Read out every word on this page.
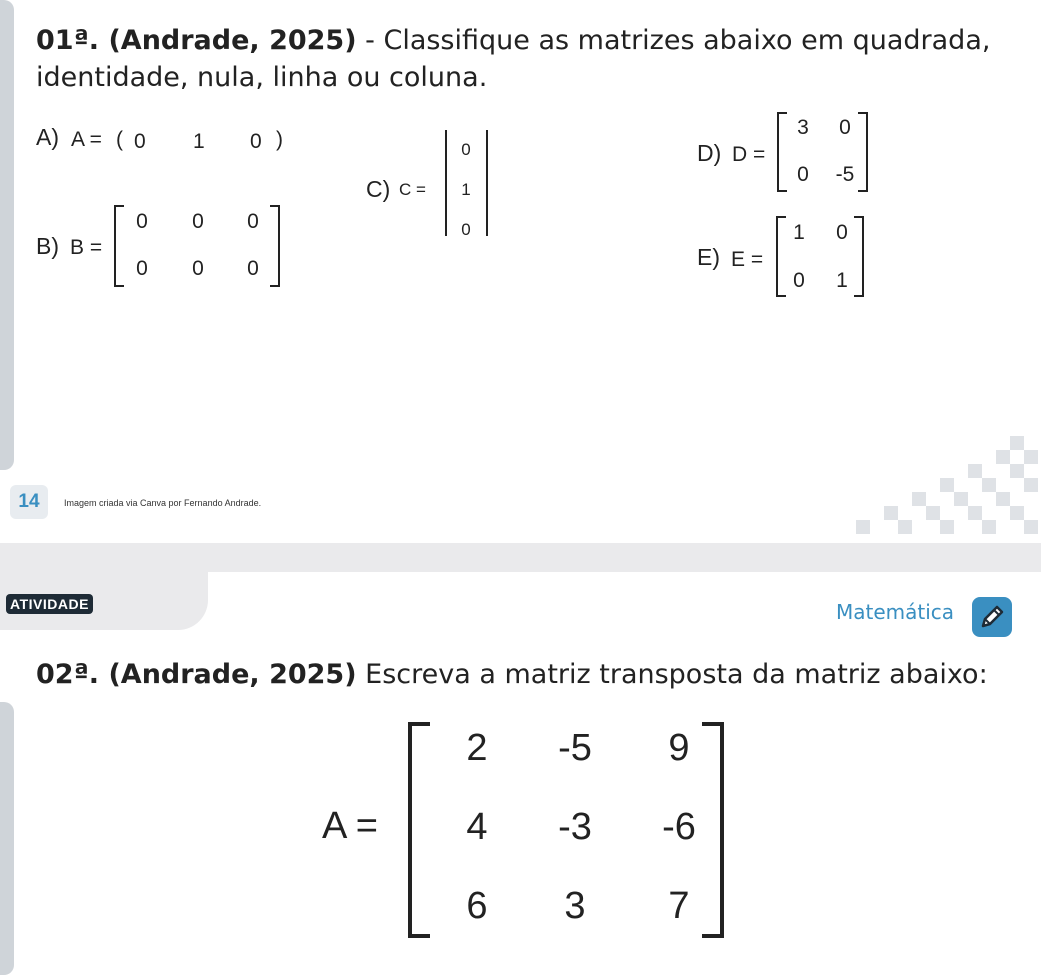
01ª. (Andrade, 2025) - Classifique as matrizes abaixo em quadrada, identidade, nula, linha ou coluna.
A) A = ( 0 1 0 )
B) B =
0 0 0
0 0 0
C) C =
0
1
0
D) D =
3 0
0 -5
E) E =
1 0
0 1
14	Imagem criada via Canva por Fernando Andrade.
ATIVIDADE	Matemática
02ª. (Andrade, 2025) Escreva a matriz transposta da matriz abaixo:
A =
2	-5	9
4	-3	-6
6	3	7
